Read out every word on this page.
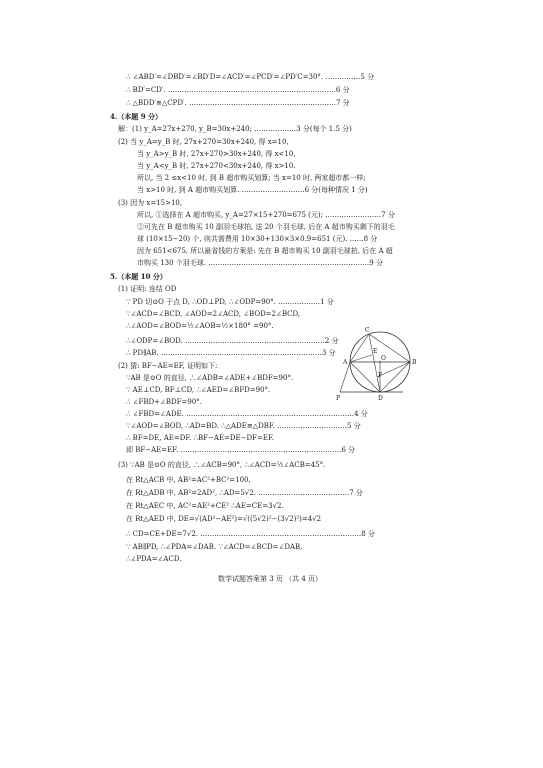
∴ ∠ABD′=∠DBD′=∠BD′D=∠ACD′=∠PCD′=∠PD′C=30°. ……………5 分
∴ BD′=CD′. ………………………………………………………………6 分
∴ △BDD′≌△CPD′. ………………………………………………………7 分
4.（本题 9 分）
解：(1) y_A=27x+270, y_B=30x+240; ………………3 分(每个 1.5 分)
(2) 当 y_A=y_B 时, 27x+270=30x+240, 得 x=10,
当 y_A>y_B 时, 27x+270>30x+240, 得 x<10,
当 y_A<y_B 时, 27x+270<30x+240, 得 x>10.
所以, 当 2 ≤x<10 时, 到 B 超市购买划算; 当 x=10 时, 两家超市都一样;
当 x>10 时, 到 A 超市购买划算. ………………………6 分(每种情况 1 分)
(3) 因为 x=15>10,
所以, ①选择在 A 超市购买, y_A=27×15+270=675 (元); ……………………7 分
②可先在 B 超市购买 10 副羽毛球拍, 送 20 个羽毛球, 后在 A 超市购买剩下的羽毛
球 (10×15−20) 个, 则共需费用 10×30+130×3×0.9=651 (元). ……8 分
因为 651<675, 所以最省钱的方案是: 先在 B 超市购买 10 副羽毛球拍, 后在 A 超
市购买 130 个羽毛球. ……………………………………………………………9 分
5.（本题 10 分）
(1) 证明: 连结 OD
∵ PD 切⊙O 于点 D, ∴OD⊥PD, ∴∠ODP=90°. ………………1 分
∵∠ACD=∠BCD, ∠AOD=2∠ACD, ∠BOD=2∠BCD,
∴∠AOD=∠BOD=½∠AOB=½×180° =90°.
∴∠ODP=∠BOD. ……………………………………………………2 分
∴ PD∥AB. ……………………………………………………………3 分
(2) 猜: BF−AE=EF, 证明如下:
∵AB 是⊙O 的直径, ∴∠ADB=∠ADE+∠BDF=90°.
∵ AE⊥CD, BF⊥CD, ∴∠AED=∠BFD=90°.
∴ ∠FBD+∠BDF=90°.
∴ ∠FBD=∠ADE. ………………………………………………………………4 分
∵∠AOD=∠BOD, ∴AD=BD. ∴△ADE≌△DBF. …………………………5 分
∴ BF=DE, AE=DF. ∴BF−AE=DE−DF=EF.
即 BF−AE=EF. ……………………………………………………………6 分
(3) ∵AB 是⊙O 的直径, ∴∠ACB=90°, ∴∠ACD=½∠ACB=45°.
在 Rt△ACB 中, AB²=AC²+BC²=100,
在 Rt△ADB 中, AB²=2AD², ∴AD=5√2. …………………………………7 分
在 Rt△AEC 中, AC²=AE²+CE² ∴AE=CE=3√2.
在 Rt△AED 中, DE=√(AD²−AE²)=√((5√2)²−(3√2)²)=4√2
∴ CD=CE+DE=7√2. ……………………………………………………………8 分
∵ AB∥PD, ∴∠PDA=∠DAB. ∵∠ACD=∠BCD=∠DAB,
∴∠PDA=∠ACD.
C
A	B
O
E
F
D
P
数学试题答案第 3 页 （共 4 页）
